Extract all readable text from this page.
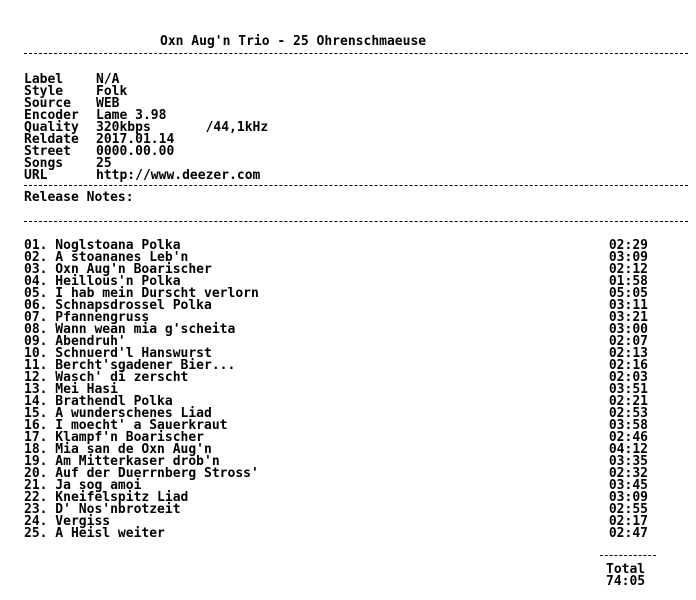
Oxn Aug'n Trio - 25 Ohrenschmaeuse
Label	N/A
Style	Folk
Source	WEB
Encoder	Lame 3.98
Quality	320kbps       /44,1kHz
Reldate	2017.01.14
Street	0000.00.00
Songs	25
URL	http://www.deezer.com
Release Notes:
01. Noglstoana Polka	02:29
02. A stoananes Leb'n	03:09
03. Oxn Aug'n Boarischer	02:12
04. Heillous'n Polka	01:58
05. I hab mein Durscht verlorn	05:05
06. Schnapsdrossel Polka	03:11
07. Pfannengruss	03:21
08. Wann wean mia g'scheita	03:00
09. Abendruh'	02:07
10. Schnuerd'l Hanswurst	02:13
11. Bercht'sgadener Bier...	02:16
12. Wasch' di zerscht	02:03
13. Mei Hasi	03:51
14. Brathendl Polka	02:21
15. A wunderschenes Liad	02:53
16. I moecht' a Sauerkraut	03:58
17. Klampf'n Boarischer	02:46
18. Mia san de Oxn Aug'n	04:12
19. Am Mitterkaser drob'n	03:35
20. Auf der Duerrnberg Stross'	02:32
21. Ja sog amoi	03:45
22. Kneifelspitz Liad	03:09
23. D' Nos'nbrotzeit	02:55
24. Vergiss	02:17
25. A Heisl weiter	02:47
Total
74:05
